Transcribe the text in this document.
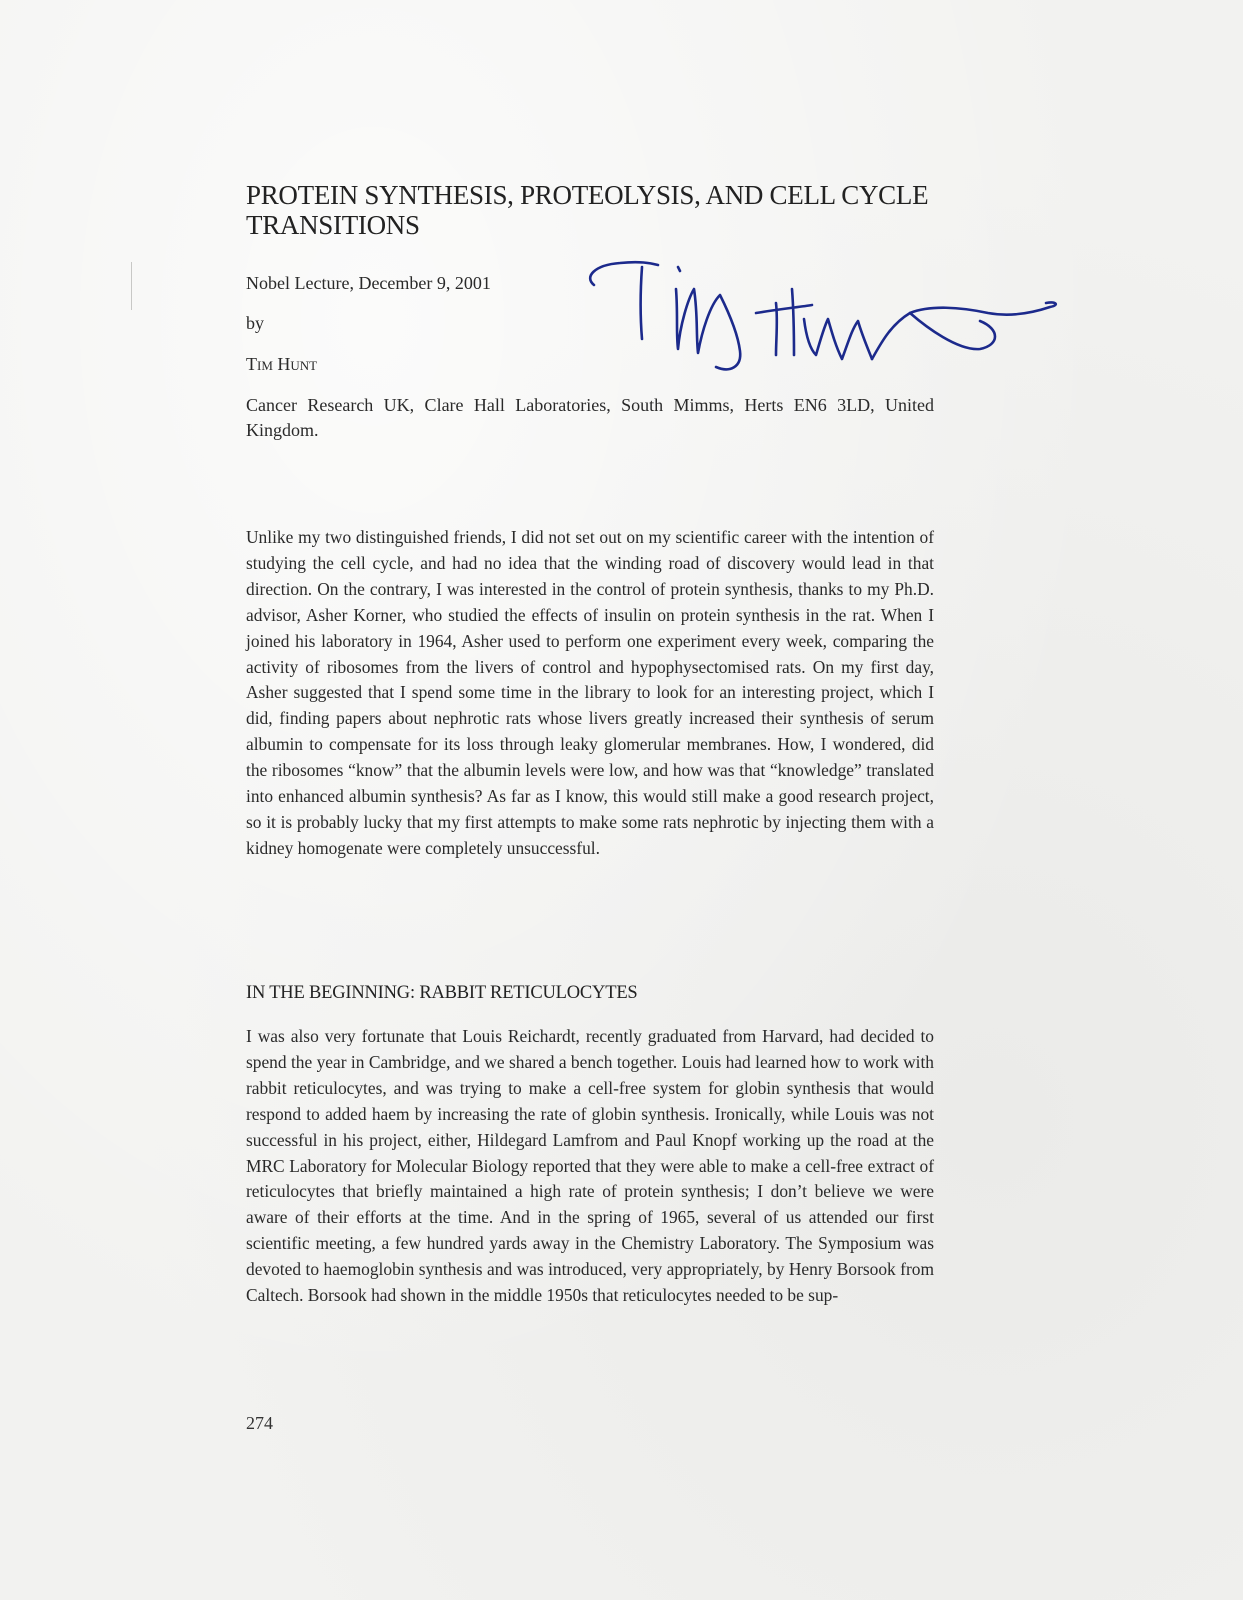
PROTEIN SYNTHESIS, PROTEOLYSIS, AND CELL CYCLE TRANSITIONS
Nobel Lecture, December 9, 2001
by
Tim Hunt
Cancer Research UK, Clare Hall Laboratories, South Mimms, Herts EN6 3LD, United Kingdom.

Unlike my two distinguished friends, I did not set out on my scientific career with the intention of studying the cell cycle, and had no idea that the winding road of discovery would lead in that direction. On the contrary, I was interested in the control of protein synthesis, thanks to my Ph.D. advisor, Asher Korner, who studied the effects of insulin on protein synthesis in the rat. When I joined his laboratory in 1964, Asher used to perform one experiment every week, comparing the activity of ribosomes from the livers of control and hypophysectomised rats. On my first day, Asher suggested that I spend some time in the library to look for an interesting project, which I did, finding papers about nephrotic rats whose livers greatly increased their synthesis of serum albumin to compensate for its loss through leaky glomerular membranes. How, I wondered, did the ribosomes “know” that the albumin levels were low, and how was that “knowledge” translated into enhanced albumin synthesis? As far as I know, this would still make a good research project, so it is probably lucky that my first attempts to make some rats nephrotic by injecting them with a kidney homogenate were completely unsuccessful.

IN THE BEGINNING: RABBIT RETICULOCYTES

I was also very fortunate that Louis Reichardt, recently graduated from Harvard, had decided to spend the year in Cambridge, and we shared a bench together. Louis had learned how to work with rabbit reticulocytes, and was trying to make a cell-free system for globin synthesis that would respond to added haem by increasing the rate of globin synthesis. Ironically, while Louis was not successful in his project, either, Hildegard Lamfrom and Paul Knopf working up the road at the MRC Laboratory for Molecular Biology reported that they were able to make a cell-free extract of reticulocytes that briefly maintained a high rate of protein synthesis; I don’t believe we were aware of their efforts at the time. And in the spring of 1965, several of us attended our first scientific meeting, a few hundred yards away in the Chemistry Laboratory. The Symposium was devoted to haemoglobin synthesis and was introduced, very appropriately, by Henry Borsook from Caltech. Borsook had shown in the middle 1950s that reticulocytes needed to be sup-

274
